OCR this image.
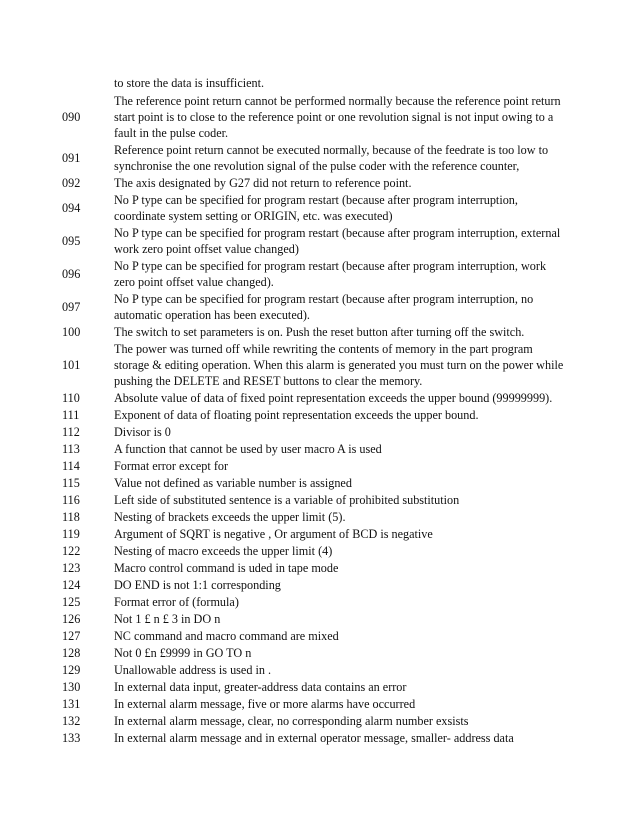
	to store the data is insufficient.
090	The reference point return cannot be performed normally because the reference point return start point is to close to the reference point or one revolution signal is not input owing to a fault in the pulse coder.
091	Reference point return cannot be executed normally, because of the feedrate is too low to synchronise the one revolution signal of the pulse coder with the reference counter,
092	The axis designated by G27 did not return to reference point.
094	No P type can be specified for program restart (because after program interruption, coordinate system setting or ORIGIN, etc. was executed)
095	No P type can be specified for program restart (because after program interruption, external work zero point offset value changed)
096	No P type can be specified for program restart (because after program interruption, work zero point offset value changed).
097	No P type can be specified for program restart (because after program interruption, no automatic operation has been executed).
100	The switch to set parameters is on. Push the reset button after turning off the switch.
101	The power was turned off while rewriting the contents of memory in the part program storage & editing operation. When this alarm is generated you must turn on the power while pushing the DELETE and RESET buttons to clear the memory.
110	Absolute value of data of fixed point representation exceeds the upper bound (99999999).
111	Exponent of data of floating point representation exceeds the upper bound.
112	Divisor is 0
113	A function that cannot be used by user macro A is used
114	Format error except for
115	Value not defined as variable number is assigned
116	Left side of substituted sentence is a variable of prohibited substitution
118	Nesting of brackets exceeds the upper limit (5).
119	Argument of SQRT is negative , Or argument of BCD is negative
122	Nesting of macro exceeds the upper limit (4)
123	Macro control command is uded in tape mode
124	DO END is not 1:1 corresponding
125	Format error of (formula)
126	Not 1 £ n £ 3 in DO n
127	NC command and macro command are mixed
128	Not 0 £n £9999 in GO TO n
129	Unallowable address is used in .
130	In external data input, greater-address data contains an error
131	In external alarm message, five or more alarms have occurred
132	In external alarm message, clear, no corresponding alarm number exsists
133	In external alarm message and in external operator message, smaller- address data
